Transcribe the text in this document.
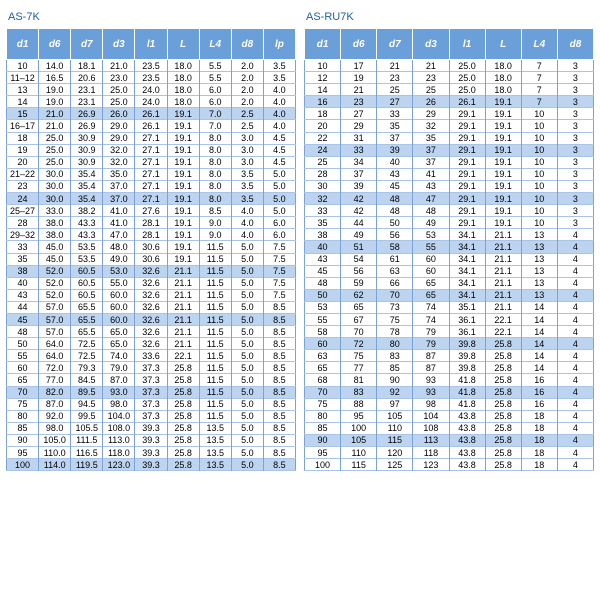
AS-7K
d1	d6	d7	d3	l1	L	L4	d8	lp
10	14.0	18.1	21.0	23.5	18.0	5.5	2.0	3.5
11–12	16.5	20.6	23.0	23.5	18.0	5.5	2.0	3.5
13	19.0	23.1	25.0	24.0	18.0	6.0	2.0	4.0
14	19.0	23.1	25.0	24.0	18.0	6.0	2.0	4.0
15	21.0	26.9	26.0	26.1	19.1	7.0	2.5	4.0
16–17	21.0	26.9	29.0	26.1	19.1	7.0	2.5	4.0
18	25.0	30.9	29.0	27.1	19.1	8.0	3.0	4.5
19	25.0	30.9	32.0	27.1	19.1	8.0	3.0	4.5
20	25.0	30.9	32.0	27.1	19.1	8.0	3.0	4.5
21–22	30.0	35.4	35.0	27.1	19.1	8.0	3.5	5.0
23	30.0	35.4	37.0	27.1	19.1	8.0	3.5	5.0
24	30.0	35.4	37.0	27.1	19.1	8.0	3.5	5.0
25–27	33.0	38.2	41.0	27.6	19.1	8.5	4.0	5.0
28	38.0	43.3	41.0	28.1	19.1	9.0	4.0	6.0
29–32	38.0	43.3	47.0	28.1	19.1	9.0	4.0	6.0
33	45.0	53.5	48.0	30.6	19.1	11.5	5.0	7.5
35	45.0	53.5	49.0	30.6	19.1	11.5	5.0	7.5
38	52.0	60.5	53.0	32.6	21.1	11.5	5.0	7.5
40	52.0	60.5	55.0	32.6	21.1	11.5	5.0	7.5
43	52.0	60.5	60.0	32.6	21.1	11.5	5.0	7.5
44	57.0	65.5	60.0	32.6	21.1	11.5	5.0	8.5
45	57.0	65.5	60.0	32.6	21.1	11.5	5.0	8.5
48	57.0	65.5	65.0	32.6	21.1	11.5	5.0	8.5
50	64.0	72.5	65.0	32.6	21.1	11.5	5.0	8.5
55	64.0	72.5	74.0	33.6	22.1	11.5	5.0	8.5
60	72.0	79.3	79.0	37.3	25.8	11.5	5.0	8.5
65	77.0	84.5	87.0	37.3	25.8	11.5	5.0	8.5
70	82.0	89.5	93.0	37.3	25.8	11.5	5.0	8.5
75	87.0	94.5	98.0	37.3	25.8	11.5	5.0	8.5
80	92.0	99.5	104.0	37.3	25.8	11.5	5.0	8.5
85	98.0	105.5	108.0	39.3	25.8	13.5	5.0	8.5
90	105.0	111.5	113.0	39.3	25.8	13.5	5.0	8.5
95	110.0	116.5	118.0	39.3	25.8	13.5	5.0	8.5
100	114.0	119.5	123.0	39.3	25.8	13.5	5.0	8.5
AS-RU7K
d1	d6	d7	d3	l1	L	L4	d8
10	17	21	21	25.0	18.0	7	3
12	19	23	23	25.0	18.0	7	3
14	21	25	25	25.0	18.0	7	3
16	23	27	26	26.1	19.1	7	3
18	27	33	29	29.1	19.1	10	3
20	29	35	32	29.1	19.1	10	3
22	31	37	35	29.1	19.1	10	3
24	33	39	37	29.1	19.1	10	3
25	34	40	37	29.1	19.1	10	3
28	37	43	41	29.1	19.1	10	3
30	39	45	43	29.1	19.1	10	3
32	42	48	47	29.1	19.1	10	3
33	42	48	48	29.1	19.1	10	3
35	44	50	49	29.1	19.1	10	3
38	49	56	53	34.1	21.1	13	4
40	51	58	55	34.1	21.1	13	4
43	54	61	60	34.1	21.1	13	4
45	56	63	60	34.1	21.1	13	4
48	59	66	65	34.1	21.1	13	4
50	62	70	65	34.1	21.1	13	4
53	65	73	74	35.1	21.1	14	4
55	67	75	74	36.1	22.1	14	4
58	70	78	79	36.1	22.1	14	4
60	72	80	79	39.8	25.8	14	4
63	75	83	87	39.8	25.8	14	4
65	77	85	87	39.8	25.8	14	4
68	81	90	93	41.8	25.8	16	4
70	83	92	93	41.8	25.8	16	4
75	88	97	98	41.8	25.8	16	4
80	95	105	104	43.8	25.8	18	4
85	100	110	108	43.8	25.8	18	4
90	105	115	113	43.8	25.8	18	4
95	110	120	118	43.8	25.8	18	4
100	115	125	123	43.8	25.8	18	4
